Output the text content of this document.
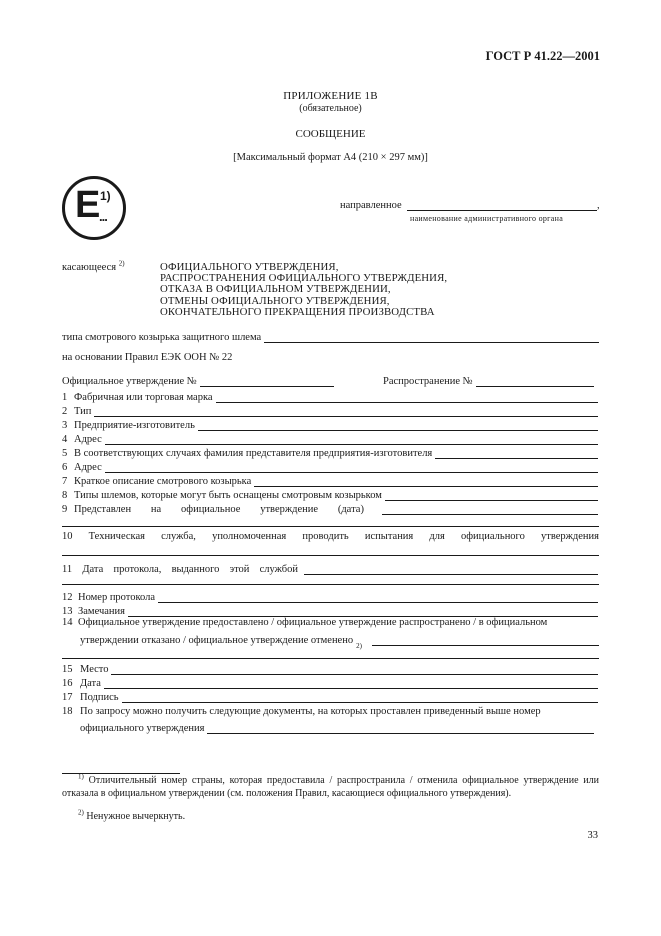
ГОСТ Р 41.22—2001
ПРИЛОЖЕНИЕ 1В
(обязательное)
СООБЩЕНИЕ
[Максимальный формат А4 (210 × 297 мм)]
E 1)
...
направленное	,
наименование административного органа
касающееся $^{2)}$	ОФИЦИАЛЬНОГО УТВЕРЖДЕНИЯ,
РАСПРОСТРАНЕНИЯ ОФИЦИАЛЬНОГО УТВЕРЖДЕНИЯ,
ОТКАЗА В ОФИЦИАЛЬНОМ УТВЕРЖДЕНИИ,
ОТМЕНЫ ОФИЦИАЛЬНОГО УТВЕРЖДЕНИЯ,
ОКОНЧАТЕЛЬНОГО ПРЕКРАЩЕНИЯ ПРОИЗВОДСТВА
типа смотрового козырька защитного шлема
на основании Правил ЕЭК ООН № 22
Официальное утверждение №	Распространение №
1 Фабричная или торговая марка
2 Тип
3 Предприятие-изготовитель
4 Адрес
5 В соответствующих случаях фамилия представителя предприятия-изготовителя
6 Адрес
7 Краткое описание смотрового козырька
8 Типы шлемов, которые могут быть оснащены смотровым козырьком
9 Представлен на официальное утверждение (дата)
10 Техническая служба, уполномоченная проводить испытания для официального утверждения
11 Дата протокола, выданного этой службой
12 Номер протокола
13 Замечания
14 Официальное утверждение предоставлено / официальное утверждение распространено / в официальном
утверждении отказано / официальное утверждение отменено 2)
15 Место
16 Дата
17 Подпись
18 По запросу можно получить следующие документы, на которых проставлен приведенный выше номер
официального утверждения
$^{1)}$ Отличительный номер страны, которая предоставила / распространила / отменила официальное утверждение или отказала в официальном утверждении (см. положения Правил, касающиеся официального утверждения).
$^{2)}$ Ненужное вычеркнуть.
33
